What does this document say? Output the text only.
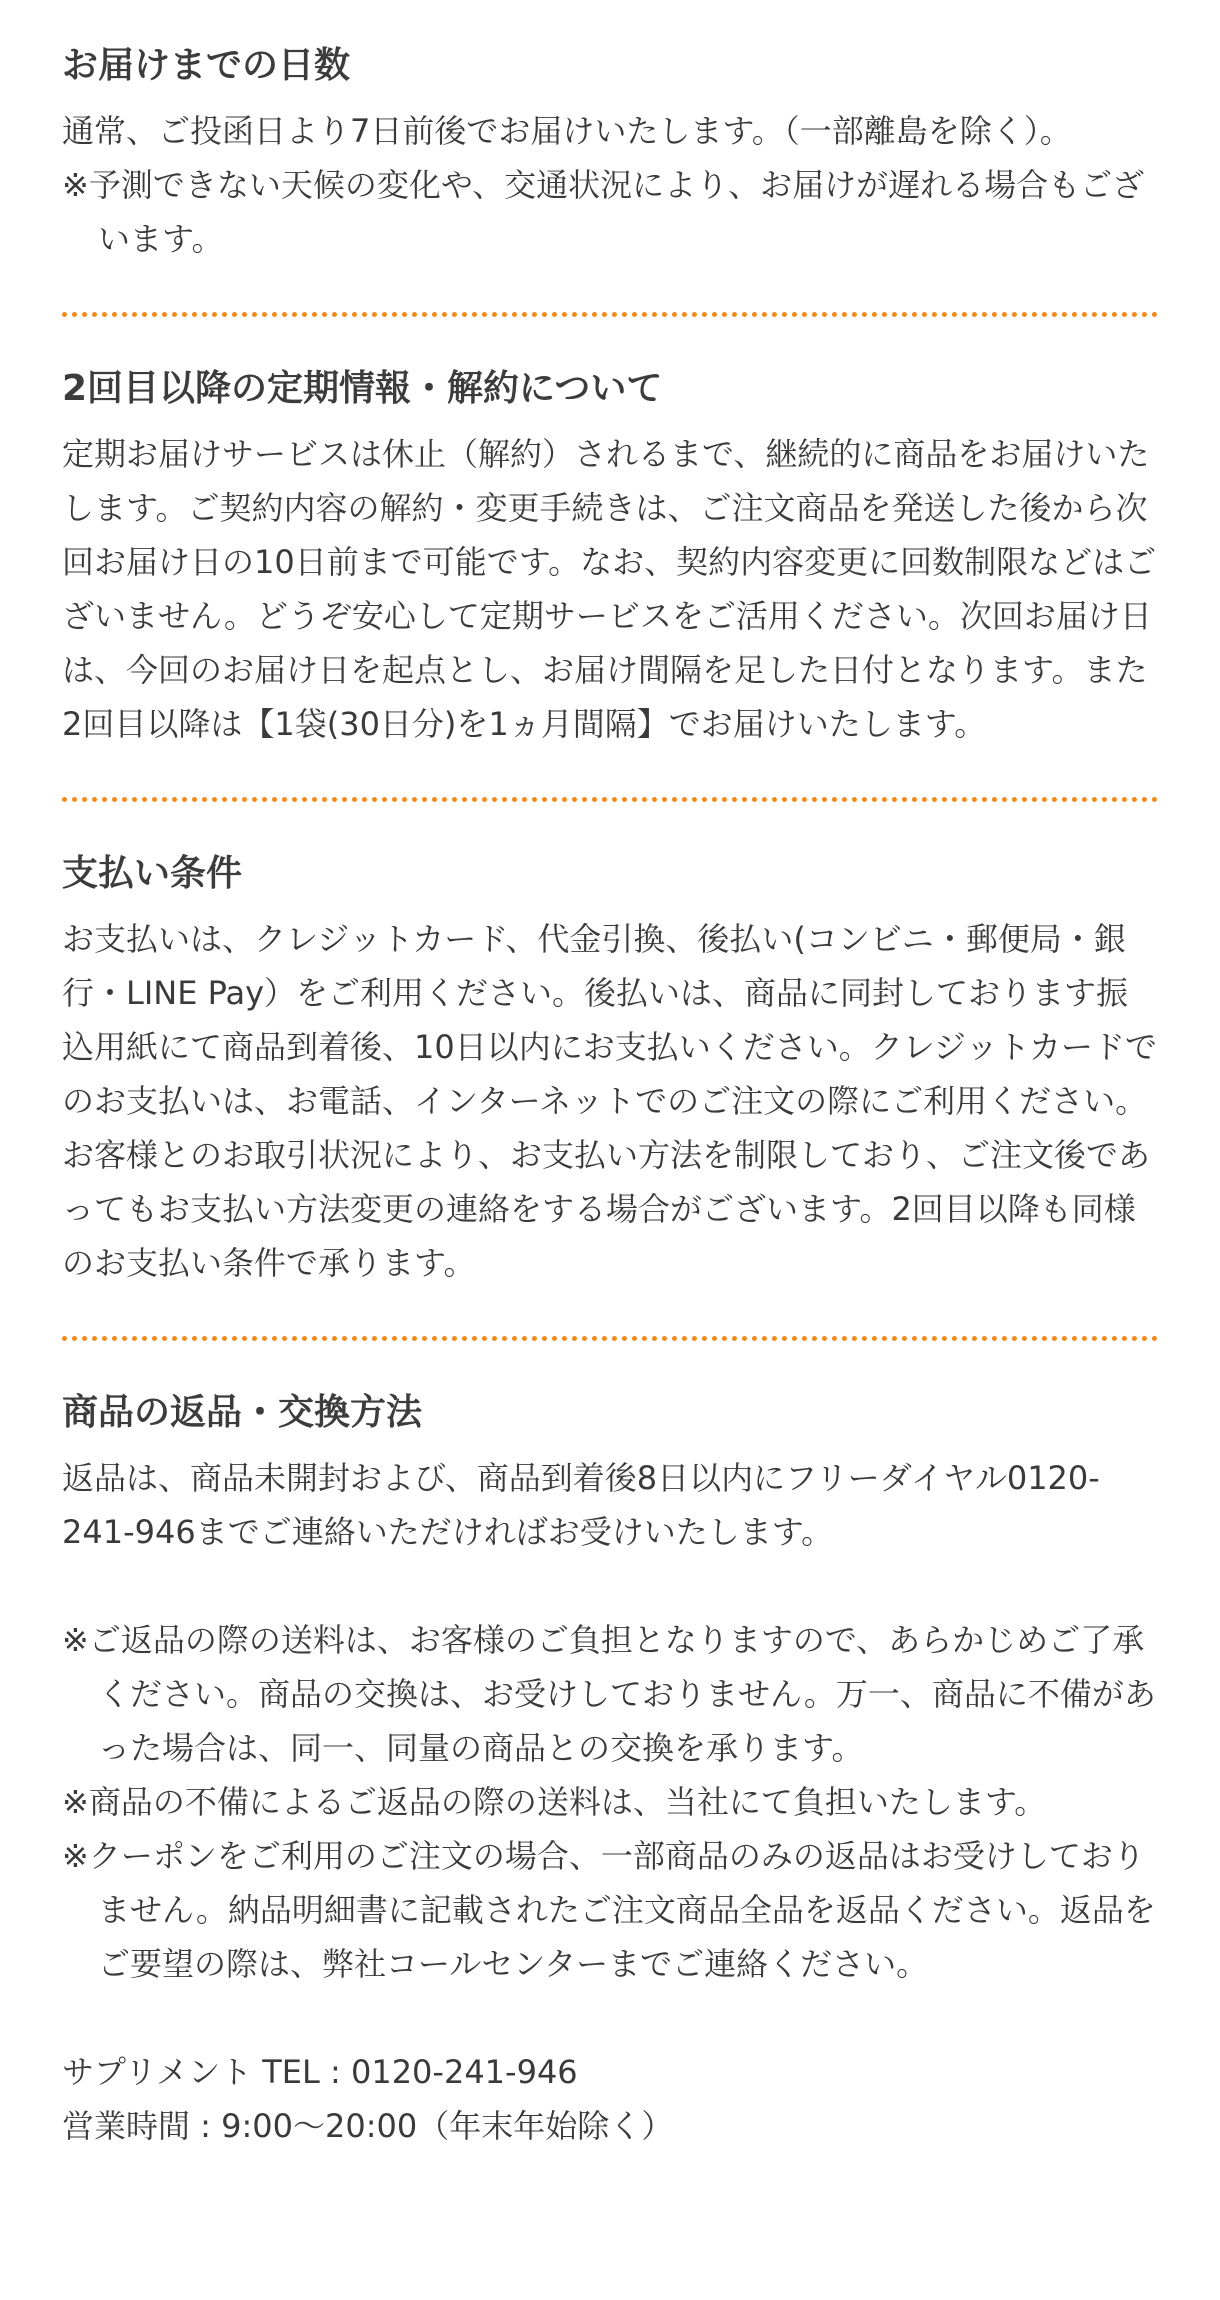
お届けまでの日数

通常、ご投函日より7日前後でお届けいたします。（一部離島を除く）。

※予測できない天候の変化や、交通状況により、お届けが遅れる場合もございます。

2回目以降の定期情報・解約について

定期お届けサービスは休止（解約）されるまで、継続的に商品をお届けいたします。ご契約内容の解約・変更手続きは、ご注文商品を発送した後から次回お届け日の10日前まで可能です。なお、契約内容変更に回数制限などはございません。どうぞ安心して定期サービスをご活用ください。次回お届け日は、今回のお届け日を起点とし、お届け間隔を足した日付となります。また2回目以降は【1袋(30日分)を1ヵ月間隔】でお届けいたします。

支払い条件

お支払いは、クレジットカード、代金引換、後払い(コンビニ・郵便局・銀行・LINE Pay）をご利用ください。後払いは、商品に同封しております振込用紙にて商品到着後、10日以内にお支払いください。クレジットカードでのお支払いは、お電話、インターネットでのご注文の際にご利用ください。お客様とのお取引状況により、お支払い方法を制限しており、ご注文後であってもお支払い方法変更の連絡をする場合がございます。2回目以降も同様のお支払い条件で承ります。

商品の返品・交換方法

返品は、商品未開封および、商品到着後8日以内にフリーダイヤル0120-241-946までご連絡いただければお受けいたします。

※ご返品の際の送料は、お客様のご負担となりますので、あらかじめご了承ください。商品の交換は、お受けしておりません。万一、商品に不備があった場合は、同一、同量の商品との交換を承ります。

※商品の不備によるご返品の際の送料は、当社にて負担いたします。

※クーポンをご利用のご注文の場合、一部商品のみの返品はお受けしておりません。納品明細書に記載されたご注文商品全品を返品ください。返品をご要望の際は、弊社コールセンターまでご連絡ください。

サプリメント TEL : 0120-241-946

営業時間 : 9:00～20:00（年末年始除く）
